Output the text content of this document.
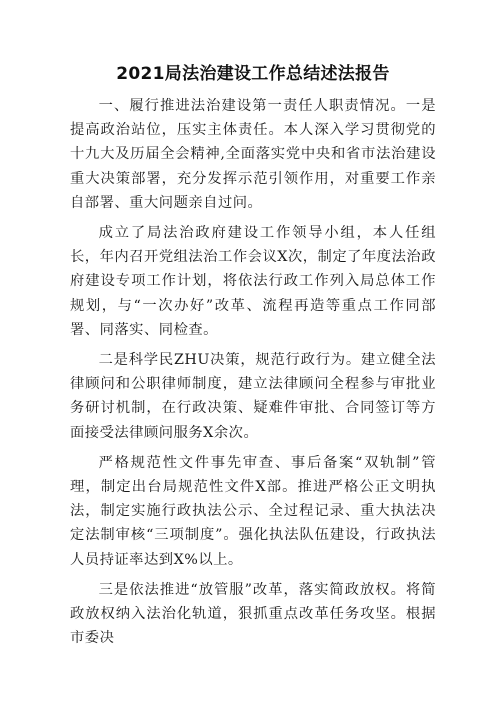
2021局法治建设工作总结述法报告

一、履行推进法治建设第一责任人职责情况。一是提高政治站位，压实主体责任。本人深入学习贯彻党的十九大及历届全会精神,全面落实党中央和省市法治建设重大决策部署，充分发挥示范引领作用，对重要工作亲自部署、重大问题亲自过问。

成立了局法治政府建设工作领导小组，本人任组长，年内召开党组法治工作会议X次，制定了年度法治政府建设专项工作计划，将依法行政工作列入局总体工作规划，与“一次办好”改革、流程再造等重点工作同部署、同落实、同检查。

二是科学民ZHU决策，规范行政行为。建立健全法律顾问和公职律师制度，建立法律顾问全程参与审批业务研讨机制，在行政决策、疑难件审批、合同签订等方面接受法律顾问服务X余次。

严格规范性文件事先审查、事后备案“双轨制”管理，制定出台局规范性文件X部。推进严格公正文明执法，制定实施行政执法公示、全过程记录、重大执法决定法制审核“三项制度”。强化执法队伍建设，行政执法人员持证率达到X%以上。

三是依法推进“放管服”改革，落实简政放权。将简政放权纳入法治化轨道，狠抓重点改革任务攻坚。根据市委决
